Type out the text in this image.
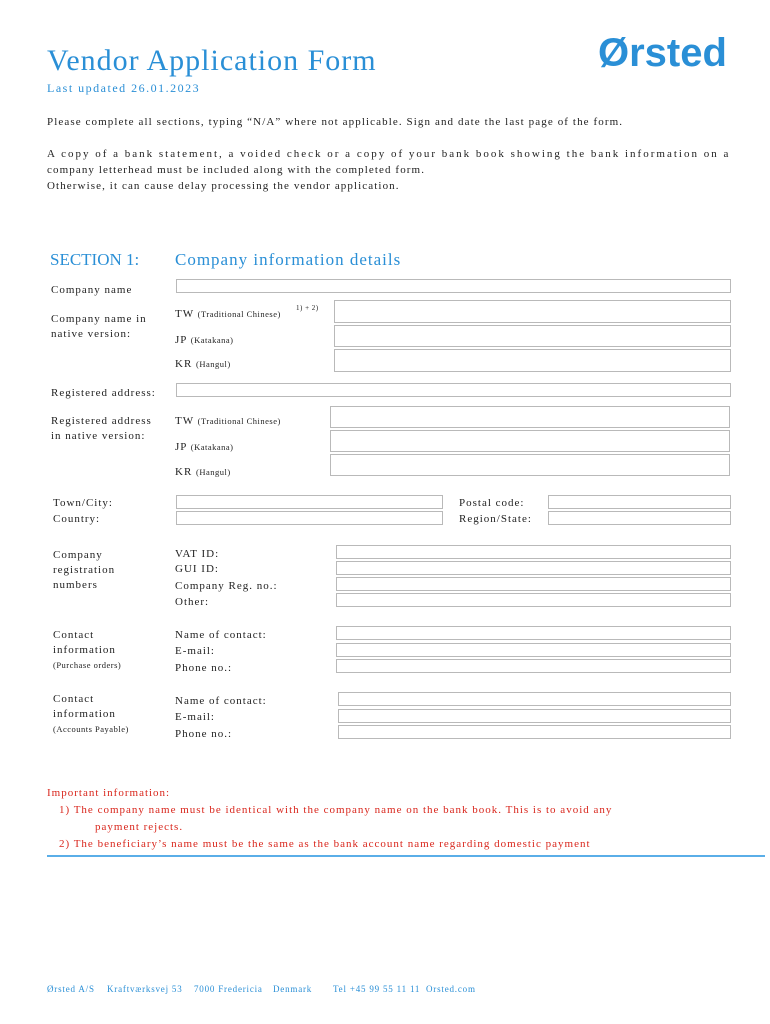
Vendor Application Form
Last updated 26.01.2023
Ørsted
Please complete all sections, typing “N/A” where not applicable. Sign and date the last page of the form.
A copy of a bank statement, a voided check or a copy of your bank book showing the bank information on a
company letterhead must be included along with the completed form.
Otherwise, it can cause delay processing the vendor application.
SECTION 1: Company information details
Company name
Company name in native version:
TW (Traditional Chinese)
1) + 2)
JP (Katakana)
KR (Hangul)
Registered address:
Registered address
in native version:
TW (Traditional Chinese)
JP (Katakana)
KR (Hangul)
Town/City:
Country:
Postal code:
Region/State:
Company
registration
numbers
VAT ID:
GUI ID:
Company Reg. no.:
Other:
Contact
information
(Purchase orders)
Name of contact:
E-mail:
Phone no.:
Contact
information
(Accounts Payable)
Name of contact:
E-mail:
Phone no.:
Important information:
1) The company name must be identical with the company name on the bank book. This is to avoid any
payment rejects.
2) The beneficiary’s name must be the same as the bank account name regarding domestic payment
Ørsted A/S Kraftværksvej 53 7000 Fredericia Denmark Tel +45 99 55 11 11 Orsted.com
